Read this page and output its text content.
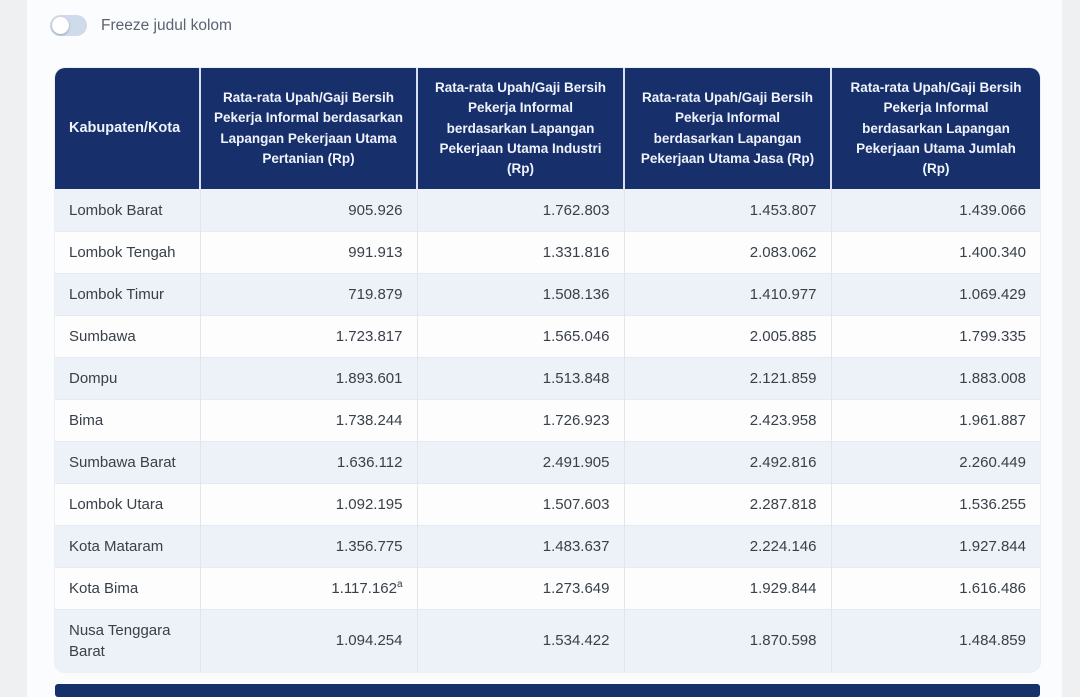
Freeze judul kolom
Kabupaten/Kota	Rata-rata Upah/Gaji Bersih Pekerja Informal berdasarkan Lapangan Pekerjaan Utama Pertanian (Rp)	Rata-rata Upah/Gaji Bersih Pekerja Informal berdasarkan Lapangan Pekerjaan Utama Industri (Rp)	Rata-rata Upah/Gaji Bersih Pekerja Informal berdasarkan Lapangan Pekerjaan Utama Jasa (Rp)	Rata-rata Upah/Gaji Bersih Pekerja Informal berdasarkan Lapangan Pekerjaan Utama Jumlah (Rp)
Lombok Barat	905.926	1.762.803	1.453.807	1.439.066
Lombok Tengah	991.913	1.331.816	2.083.062	1.400.340
Lombok Timur	719.879	1.508.136	1.410.977	1.069.429
Sumbawa	1.723.817	1.565.046	2.005.885	1.799.335
Dompu	1.893.601	1.513.848	2.121.859	1.883.008
Bima	1.738.244	1.726.923	2.423.958	1.961.887
Sumbawa Barat	1.636.112	2.491.905	2.492.816	2.260.449
Lombok Utara	1.092.195	1.507.603	2.287.818	1.536.255
Kota Mataram	1.356.775	1.483.637	2.224.146	1.927.844
Kota Bima	1.117.162$^a$	1.273.649	1.929.844	1.616.486
Nusa Tenggara Barat	1.094.254	1.534.422	1.870.598	1.484.859
